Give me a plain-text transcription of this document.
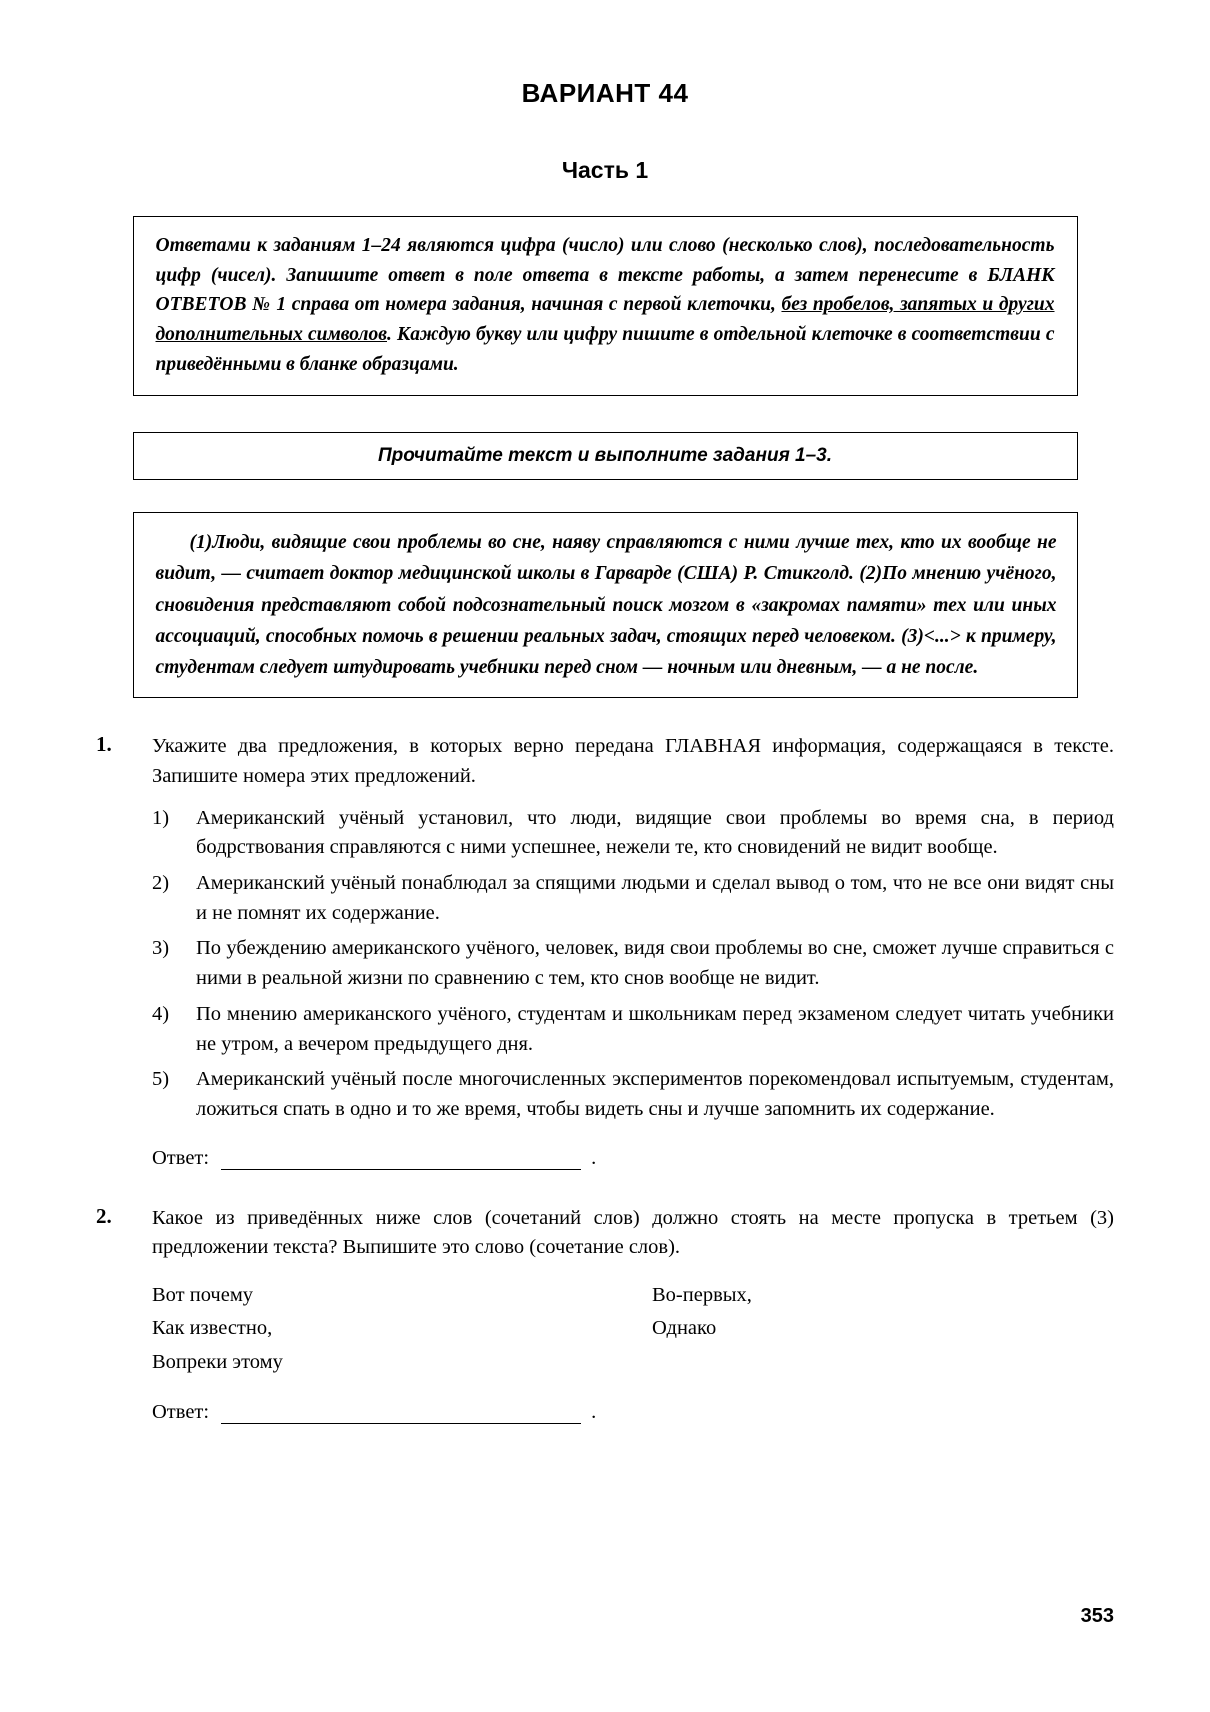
ВАРИАНТ 44
Часть 1
Ответами к заданиям 1–24 являются цифра (число) или слово (несколько слов), последовательность цифр (чисел). Запишите ответ в поле ответа в тексте работы, а затем перенесите в БЛАНК ОТВЕТОВ № 1 справа от номера задания, начиная с первой клеточки, без пробелов, запятых и других дополнительных символов. Каждую букву или цифру пишите в отдельной клеточке в соответствии с приведёнными в бланке образцами.
Прочитайте текст и выполните задания 1–3.
(1)Люди, видящие свои проблемы во сне, наяву справляются с ними лучше тех, кто их вообще не видит, — считает доктор медицинской школы в Гарварде (США) Р. Стикголд. (2)По мнению учёного, сновидения представляют собой подсознательный поиск мозгом в «закромах памяти» тех или иных ассоциаций, способных помочь в решении реальных задач, стоящих перед человеком. (3)<...> к примеру, студентам следует штудировать учебники перед сном — ночным или дневным, — а не после.
1. Укажите два предложения, в которых верно передана ГЛАВНАЯ информация, содержащаяся в тексте. Запишите номера этих предложений.
1) Американский учёный установил, что люди, видящие свои проблемы во время сна, в период бодрствования справляются с ними успешнее, нежели те, кто сновидений не видит вообще.
2) Американский учёный понаблюдал за спящими людьми и сделал вывод о том, что не все они видят сны и не помнят их содержание.
3) По убеждению американского учёного, человек, видя свои проблемы во сне, сможет лучше справиться с ними в реальной жизни по сравнению с тем, кто снов вообще не видит.
4) По мнению американского учёного, студентам и школьникам перед экзаменом следует читать учебники не утром, а вечером предыдущего дня.
5) Американский учёный после многочисленных экспериментов порекомендовал испытуемым, студентам, ложиться спать в одно и то же время, чтобы видеть сны и лучше запомнить их содержание.
Ответ:	.
2. Какое из приведённых ниже слов (сочетаний слов) должно стоять на месте пропуска в третьем (3) предложении текста? Выпишите это слово (сочетание слов).
Вот почему
Как известно,
Вопреки этому
Во-первых,
Однако
Ответ:	.
353
